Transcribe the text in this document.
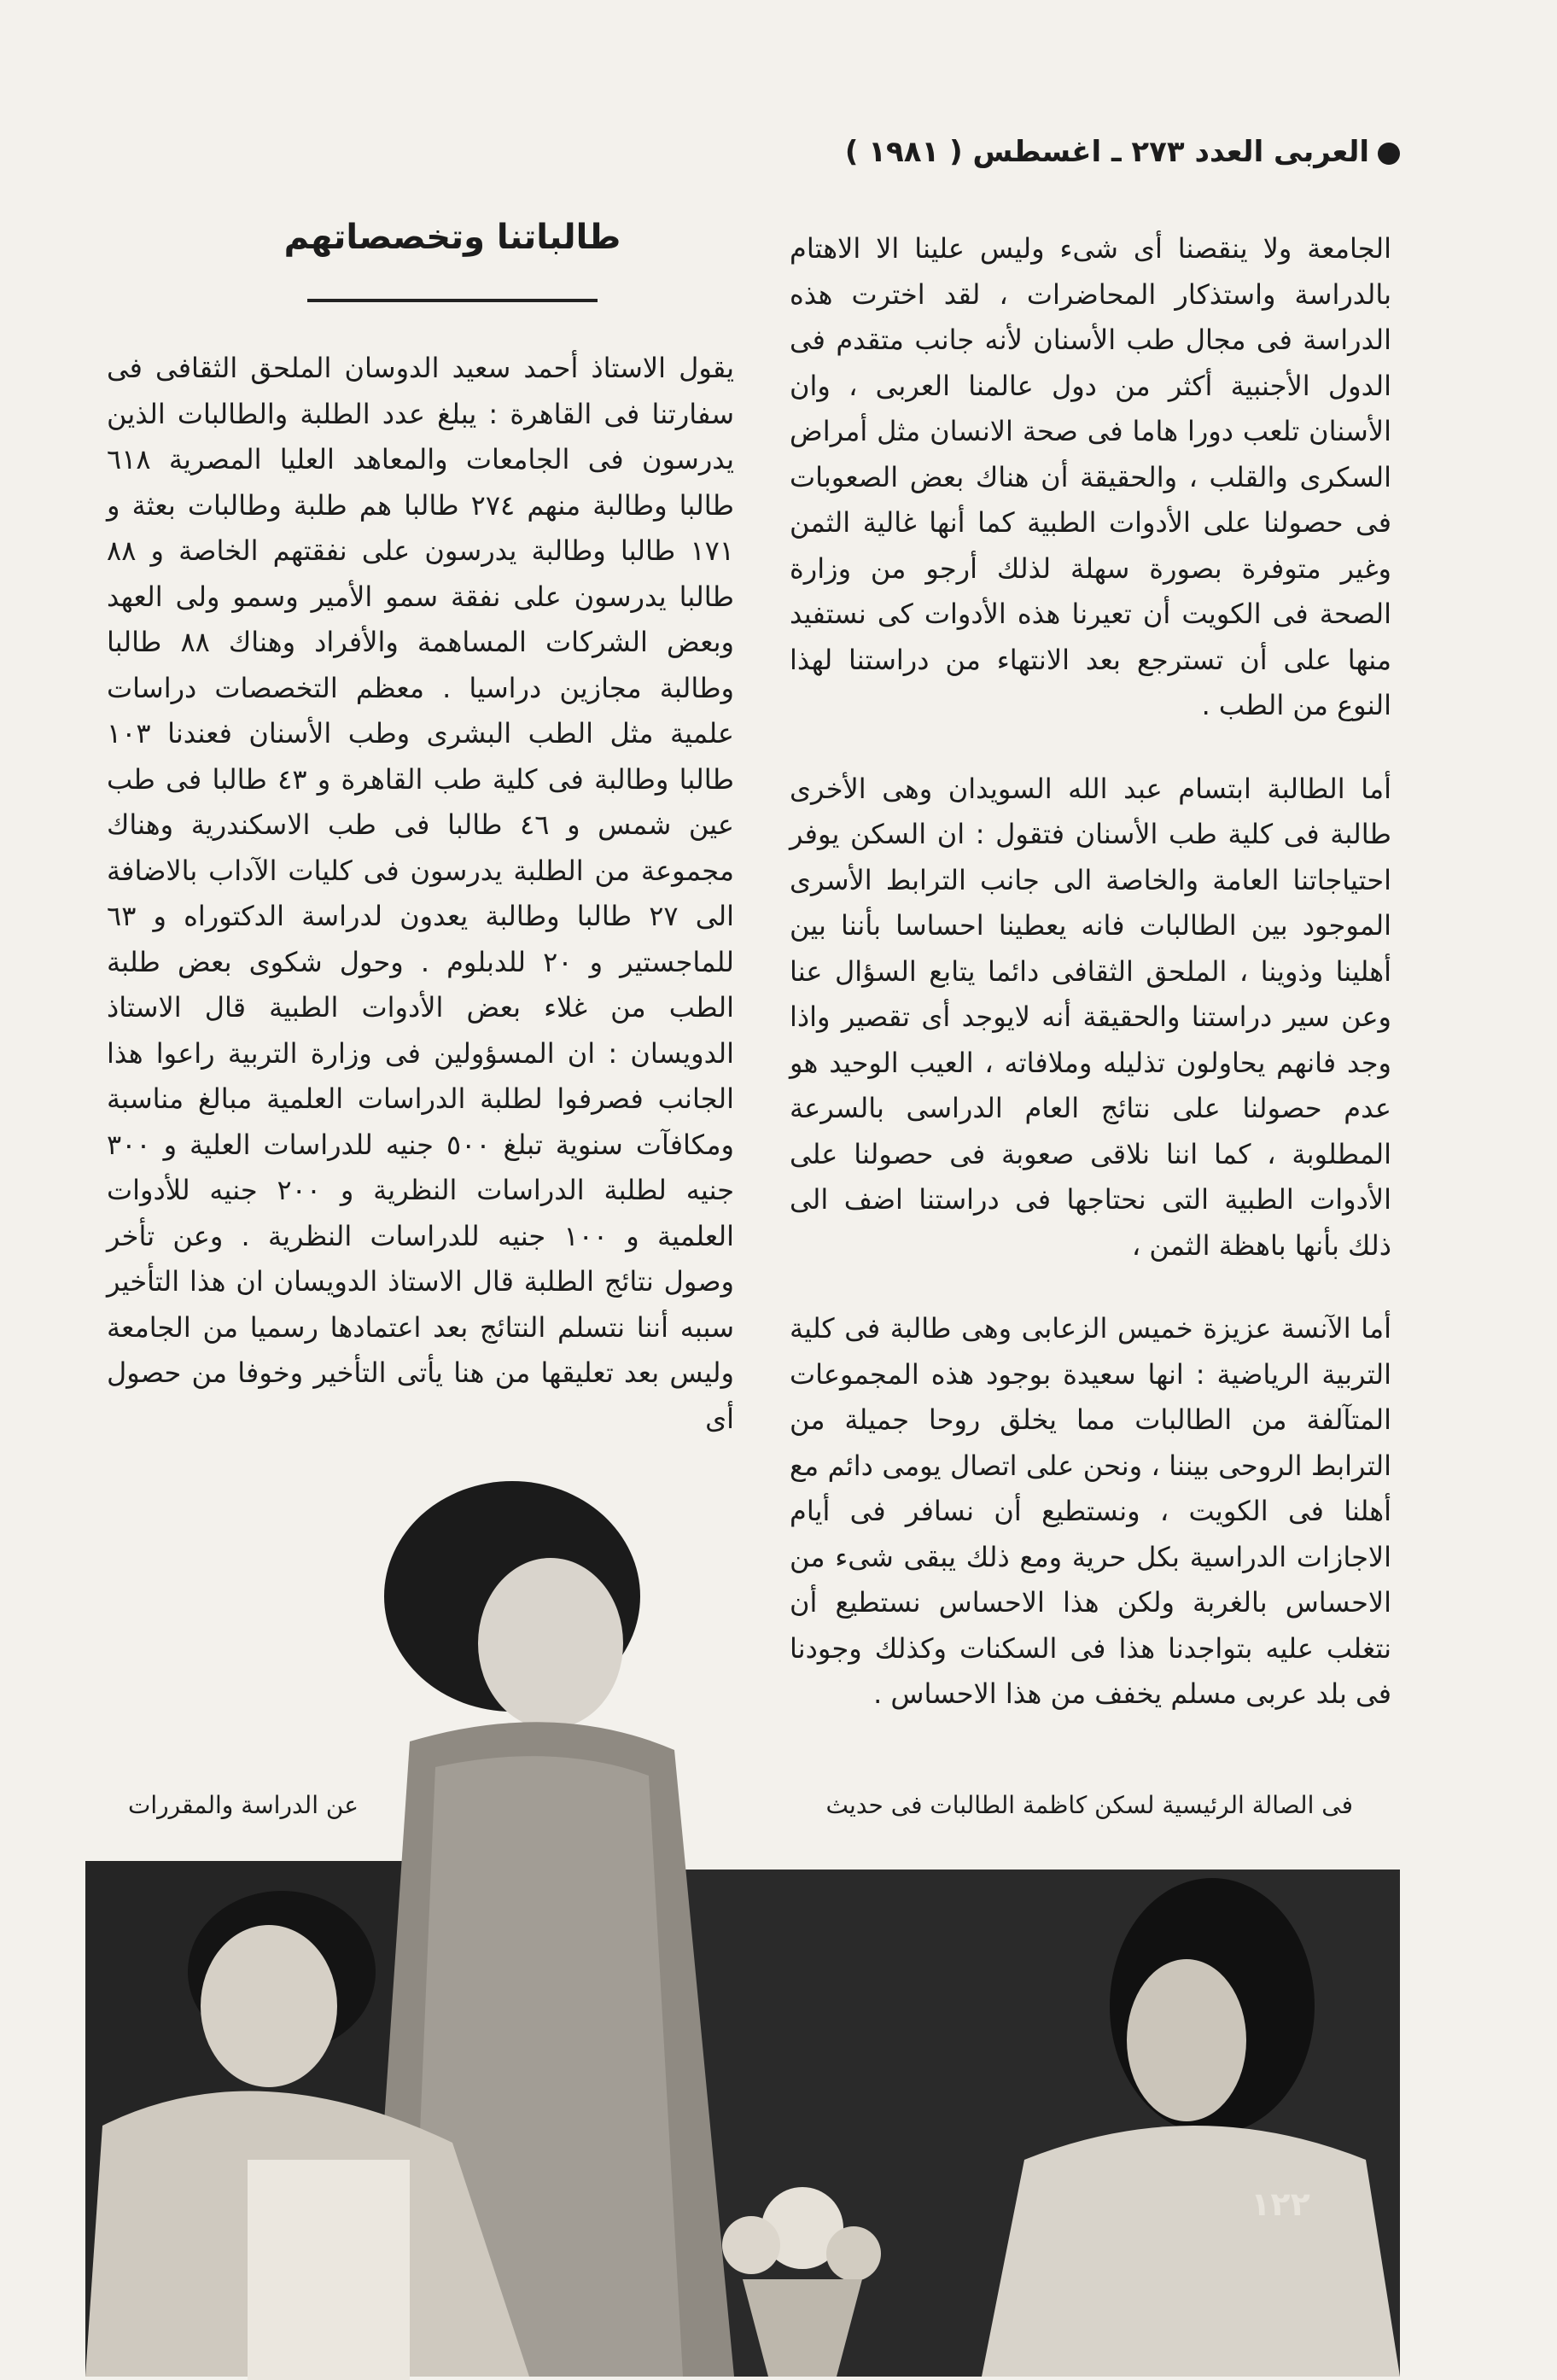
العربى العدد ٢٧٣ ـ اغسطس ( ١٩٨١ )

الجامعة ولا ينقصنا أى شىء وليس علينا الا الاهتام بالدراسة واستذكار المحاضرات ، لقد اخترت هذه الدراسة فى مجال طب الأسنان لأنه جانب متقدم فى الدول الأجنبية أكثر من دول عالمنا العربى ، وان الأسنان تلعب دورا هاما فى صحة الانسان مثل أمراض السكرى والقلب ، والحقيقة أن هناك بعض الصعوبات فى حصولنا على الأدوات الطبية كما أنها غالية الثمن وغير متوفرة بصورة سهلة لذلك أرجو من وزارة الصحة فى الكويت أن تعيرنا هذه الأدوات كى نستفيد منها على أن تسترجع بعد الانتهاء من دراستنا لهذا النوع من الطب .

أما الطالبة ابتسام عبد الله السويدان وهى الأخرى طالبة فى كلية طب الأسنان فتقول : ان السكن يوفر احتياجاتنا العامة والخاصة الى جانب الترابط الأسرى الموجود بين الطالبات فانه يعطينا احساسا بأننا بين أهلينا وذوينا ، الملحق الثقافى دائما يتابع السؤال عنا وعن سير دراستنا والحقيقة أنه لايوجد أى تقصير واذا وجد فانهم يحاولون تذليله وملافاته ، العيب الوحيد هو عدم حصولنا على نتائج العام الدراسى بالسرعة المطلوبة ، كما اننا نلاقى صعوبة فى حصولنا على الأدوات الطبية التى نحتاجها فى دراستنا اضف الى ذلك بأنها باهظة الثمن ،

أما الآنسة عزيزة خميس الزعابى وهى طالبة فى كلية التربية الرياضية : انها سعيدة بوجود هذه المجموعات المتآلفة من الطالبات مما يخلق روحا جميلة من الترابط الروحى بيننا ، ونحن على اتصال يومى دائم مع أهلنا فى الكويت ، ونستطيع أن نسافر فى أيام الاجازات الدراسية بكل حرية ومع ذلك يبقى شىء من الاحساس بالغربة ولكن هذا الاحساس نستطيع أن نتغلب عليه بتواجدنا هذا فى السكنات وكذلك وجودنا فى بلد عربى مسلم يخفف من هذا الاحساس .

طالباتنا وتخصصاتهم

يقول الاستاذ أحمد سعيد الدوسان الملحق الثقافى فى سفارتنا فى القاهرة : يبلغ عدد الطلبة والطالبات الذين يدرسون فى الجامعات والمعاهد العليا المصرية ٦١٨ طالبا وطالبة منهم ٢٧٤ طالبا هم طلبة وطالبات بعثة و ١٧١ طالبا وطالبة يدرسون على نفقتهم الخاصة و ٨٨ طالبا يدرسون على نفقة سمو الأمير وسمو ولى العهد وبعض الشركات المساهمة والأفراد وهناك ٨٨ طالبا وطالبة مجازين دراسيا . معظم التخصصات دراسات علمية مثل الطب البشرى وطب الأسنان فعندنا ١٠٣ طالبا وطالبة فى كلية طب القاهرة و ٤٣ طالبا فى طب عين شمس و ٤٦ طالبا فى طب الاسكندرية وهناك مجموعة من الطلبة يدرسون فى كليات الآداب بالاضافة الى ٢٧ طالبا وطالبة يعدون لدراسة الدكتوراه و ٦٣ للماجستير و ٢٠ للدبلوم . وحول شكوى بعض طلبة الطب من غلاء بعض الأدوات الطبية قال الاستاذ الدويسان : ان المسؤولين فى وزارة التربية راعوا هذا الجانب فصرفوا لطلبة الدراسات العلمية مبالغ مناسبة ومكافآت سنوية تبلغ ٥٠٠ جنيه للدراسات العلية و ٣٠٠ جنيه لطلبة الدراسات النظرية و ٢٠٠ جنيه للأدوات العلمية و ١٠٠ جنيه للدراسات النظرية . وعن تأخر وصول نتائج الطلبة قال الاستاذ الدويسان ان هذا التأخير سببه أننا نتسلم النتائج بعد اعتمادها رسميا من الجامعة وليس بعد تعليقها من هنا يأتى التأخير وخوفا من حصول أى

فى الصالة الرئيسية لسكن كاظمة الطالبات فى حديث
عن الدراسة والمقررات
١٢٢
